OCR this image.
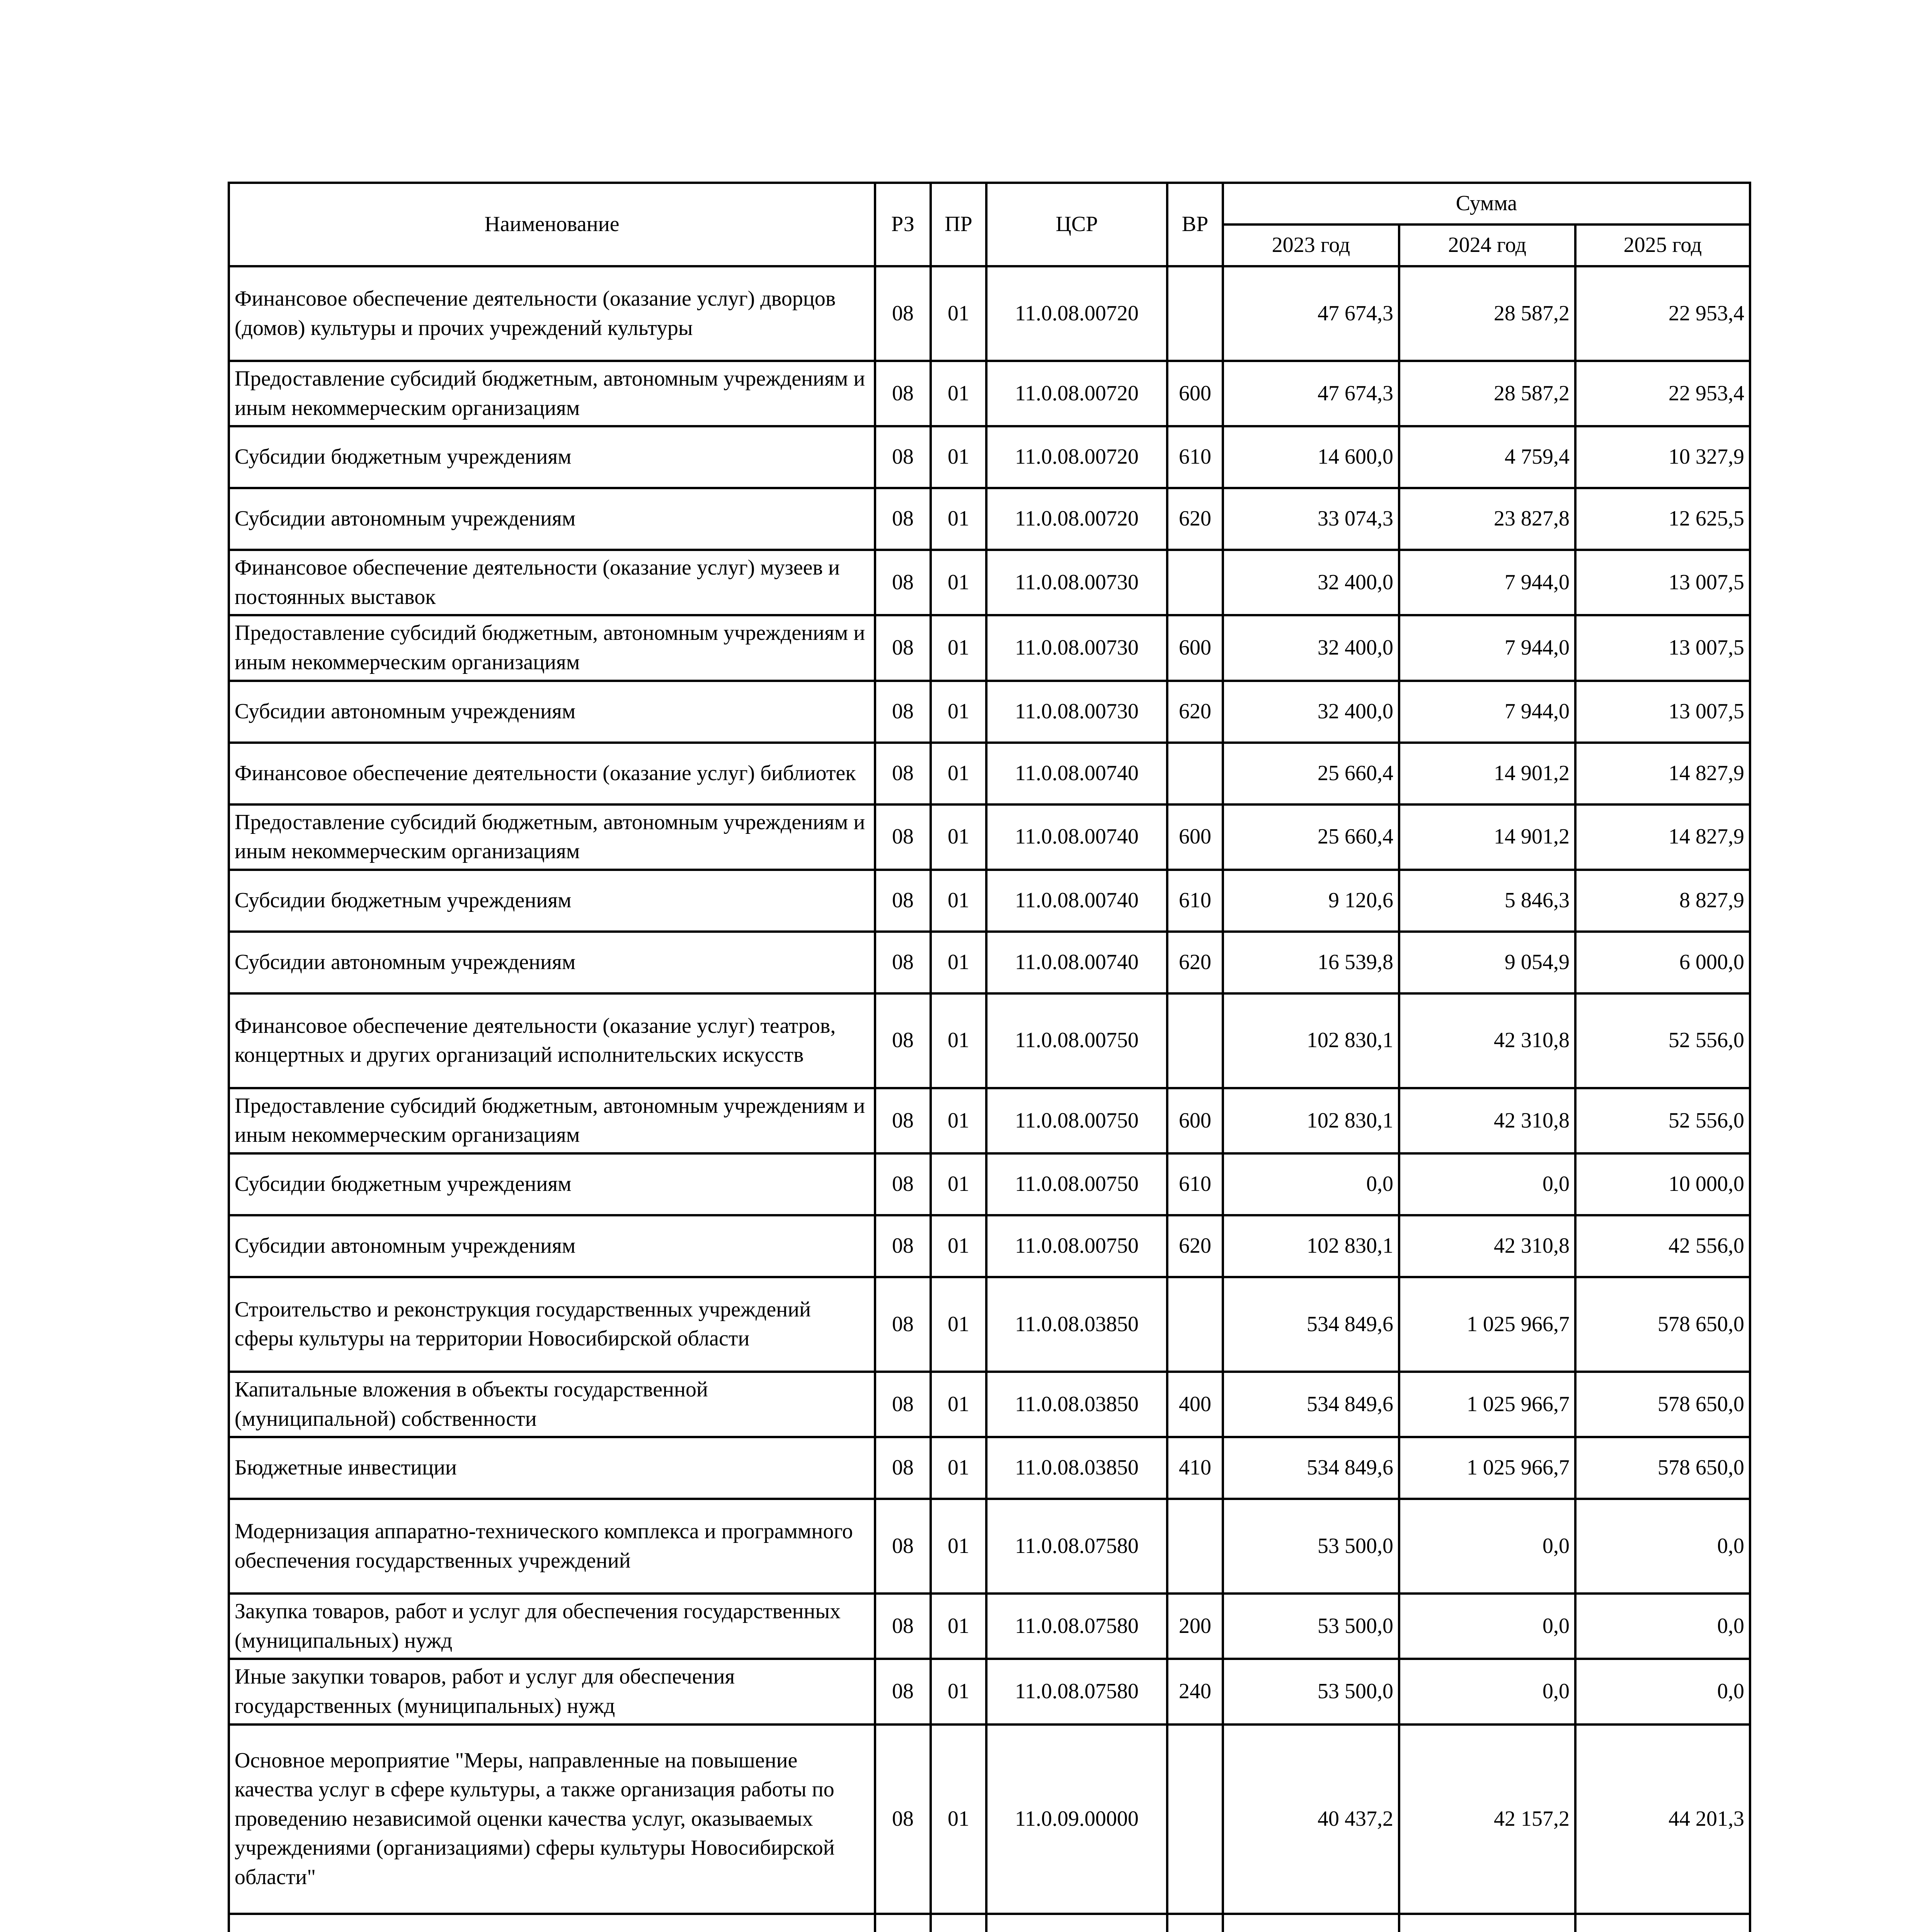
Наименование	РЗ	ПР	ЦСР	ВР	Сумма		
					2023 год	2024 год	2025 год
Финансовое обеспечение деятельности (оказание услуг) дворцов (домов) культуры и прочих учреждений культуры	08	01	11.0.08.00720		47 674,3	28 587,2	22 953,4
Предоставление субсидий бюджетным, автономным учреждениям и иным некоммерческим организациям	08	01	11.0.08.00720	600	47 674,3	28 587,2	22 953,4
Субсидии бюджетным учреждениям	08	01	11.0.08.00720	610	14 600,0	4 759,4	10 327,9
Субсидии автономным учреждениям	08	01	11.0.08.00720	620	33 074,3	23 827,8	12 625,5
Финансовое обеспечение деятельности (оказание услуг) музеев и постоянных выставок	08	01	11.0.08.00730		32 400,0	7 944,0	13 007,5
Предоставление субсидий бюджетным, автономным учреждениям и иным некоммерческим организациям	08	01	11.0.08.00730	600	32 400,0	7 944,0	13 007,5
Субсидии автономным учреждениям	08	01	11.0.08.00730	620	32 400,0	7 944,0	13 007,5
Финансовое обеспечение деятельности (оказание услуг) библиотек	08	01	11.0.08.00740		25 660,4	14 901,2	14 827,9
Предоставление субсидий бюджетным, автономным учреждениям и иным некоммерческим организациям	08	01	11.0.08.00740	600	25 660,4	14 901,2	14 827,9
Субсидии бюджетным учреждениям	08	01	11.0.08.00740	610	9 120,6	5 846,3	8 827,9
Субсидии автономным учреждениям	08	01	11.0.08.00740	620	16 539,8	9 054,9	6 000,0
Финансовое обеспечение деятельности (оказание услуг) театров, концертных и других организаций исполнительских искусств	08	01	11.0.08.00750		102 830,1	42 310,8	52 556,0
Предоставление субсидий бюджетным, автономным учреждениям и иным некоммерческим организациям	08	01	11.0.08.00750	600	102 830,1	42 310,8	52 556,0
Субсидии бюджетным учреждениям	08	01	11.0.08.00750	610	0,0	0,0	10 000,0
Субсидии автономным учреждениям	08	01	11.0.08.00750	620	102 830,1	42 310,8	42 556,0
Строительство и реконструкция государственных учреждений сферы культуры на территории Новосибирской области	08	01	11.0.08.03850		534 849,6	1 025 966,7	578 650,0
Капитальные вложения в объекты государственной (муниципальной) собственности	08	01	11.0.08.03850	400	534 849,6	1 025 966,7	578 650,0
Бюджетные инвестиции	08	01	11.0.08.03850	410	534 849,6	1 025 966,7	578 650,0
Модернизация аппаратно-технического комплекса и программного обеспечения государственных учреждений	08	01	11.0.08.07580		53 500,0	0,0	0,0
Закупка товаров, работ и услуг для обеспечения государственных (муниципальных) нужд	08	01	11.0.08.07580	200	53 500,0	0,0	0,0
Иные закупки товаров, работ и услуг для обеспечения государственных (муниципальных) нужд	08	01	11.0.08.07580	240	53 500,0	0,0	0,0
Основное мероприятие "Меры, направленные на повышение качества услуг в сфере культуры, а также организация работы по проведению независимой оценки качества услуг, оказываемых учреждениями (организациями) сферы культуры Новосибирской области"	08	01	11.0.09.00000		40 437,2	42 157,2	44 201,3
